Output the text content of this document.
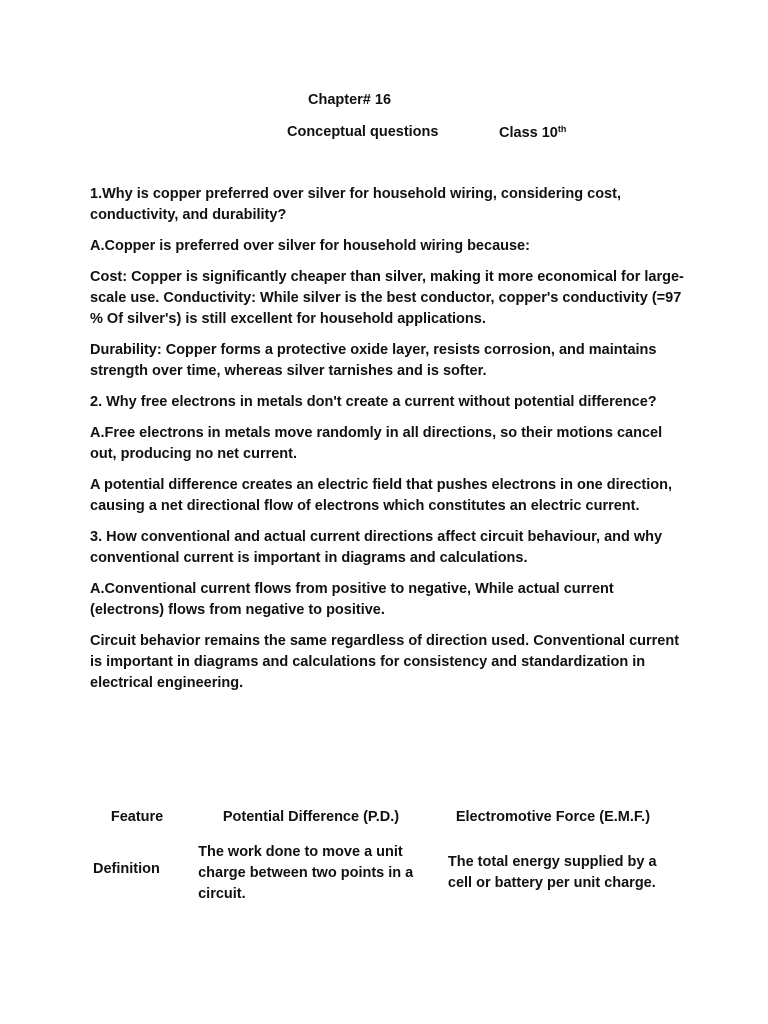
Chapter# 16
Conceptual questions	Class 10th

1.Why is copper preferred over silver for household wiring, considering cost, conductivity, and durability?

A.Copper is preferred over silver for household wiring because:

Cost: Copper is significantly cheaper than silver, making it more economical for large-scale use. Conductivity: While silver is the best conductor, copper's conductivity (=97 % Of silver's) is still excellent for household applications.

Durability: Copper forms a protective oxide layer, resists corrosion, and maintains strength over time, whereas silver tarnishes and is softer.

2. Why free electrons in metals don't create a current without potential difference?

A.Free electrons in metals move randomly in all directions, so their motions cancel out, producing no net current.

A potential difference creates an electric field that pushes electrons in one direction, causing a net directional flow of electrons which constitutes an electric current.

3. How conventional and actual current directions affect circuit behaviour, and why conventional current is important in diagrams and calculations.

A.Conventional current flows from positive to negative, While actual current (electrons) flows from negative to positive.

Circuit behavior remains the same regardless of direction used. Conventional current is important in diagrams and calculations for consistency and standardization in electrical engineering.

Feature	Potential Difference (P.D.)	Electromotive Force (E.M.F.)
Definition	The work done to move a unit charge between two points in a circuit.	The total energy supplied by a cell or battery per unit charge.
